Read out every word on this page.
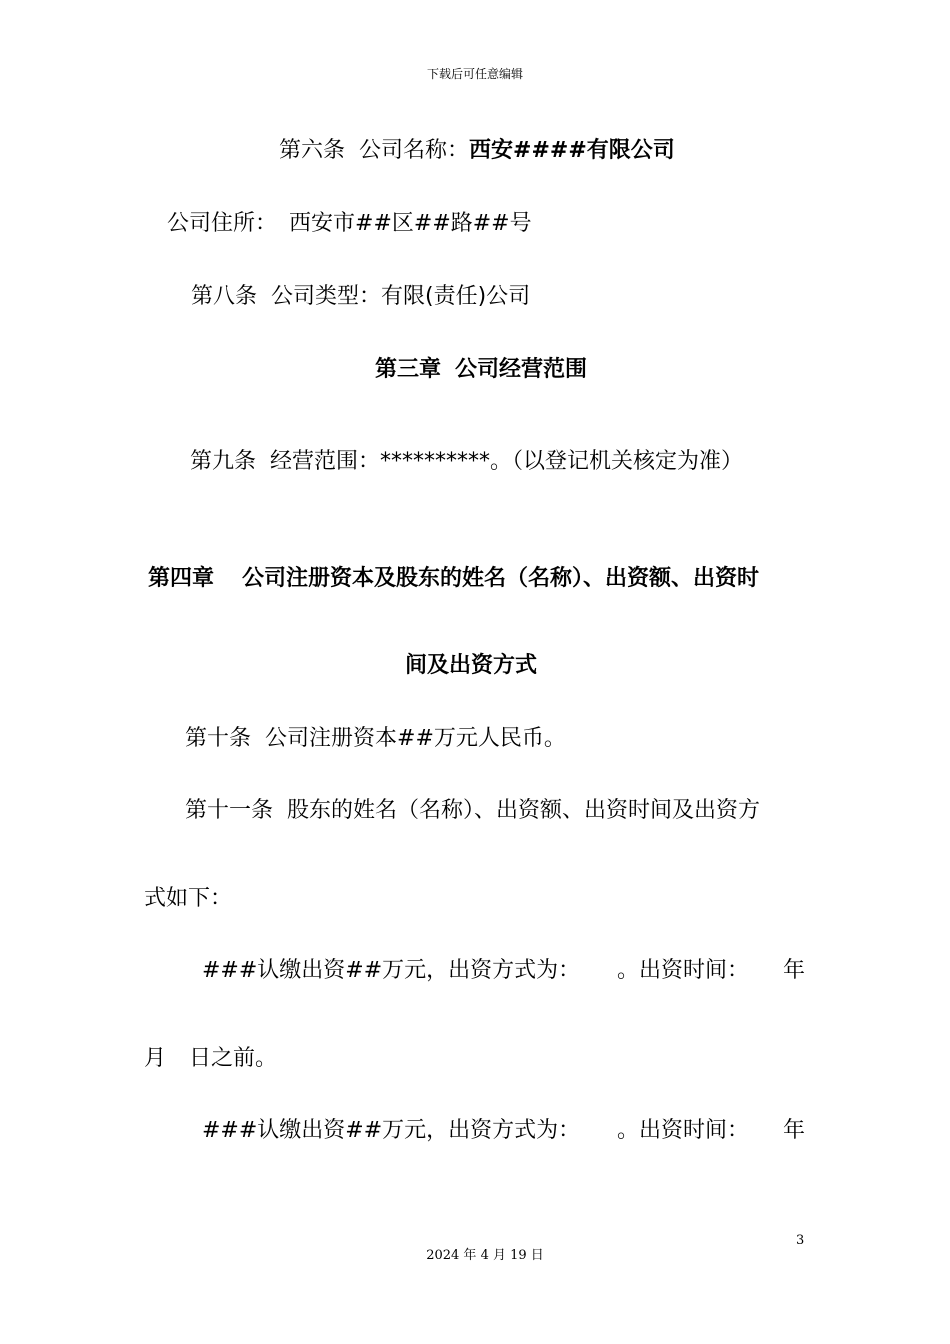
下载后可任意编辑
第六条 公司名称：西安####有限公司
公司住所： 西安市##区##路##号
第八条 公司类型：有限(责任)公司
第三章 公司经营范围
第九条 经营范围：**********。（以登记机关核定为准）
第四章 公司注册资本及股东的姓名（名称）、出资额、出资时
间及出资方式
第十条 公司注册资本##万元人民币。
第十一条 股东的姓名（名称）、出资额、出资时间及出资方
式如下：
###认缴出资##万元，出资方式为： 。出资时间： 年
月 日之前。
###认缴出资##万元，出资方式为： 。出资时间： 年
3
2024 年 4 月 19 日
